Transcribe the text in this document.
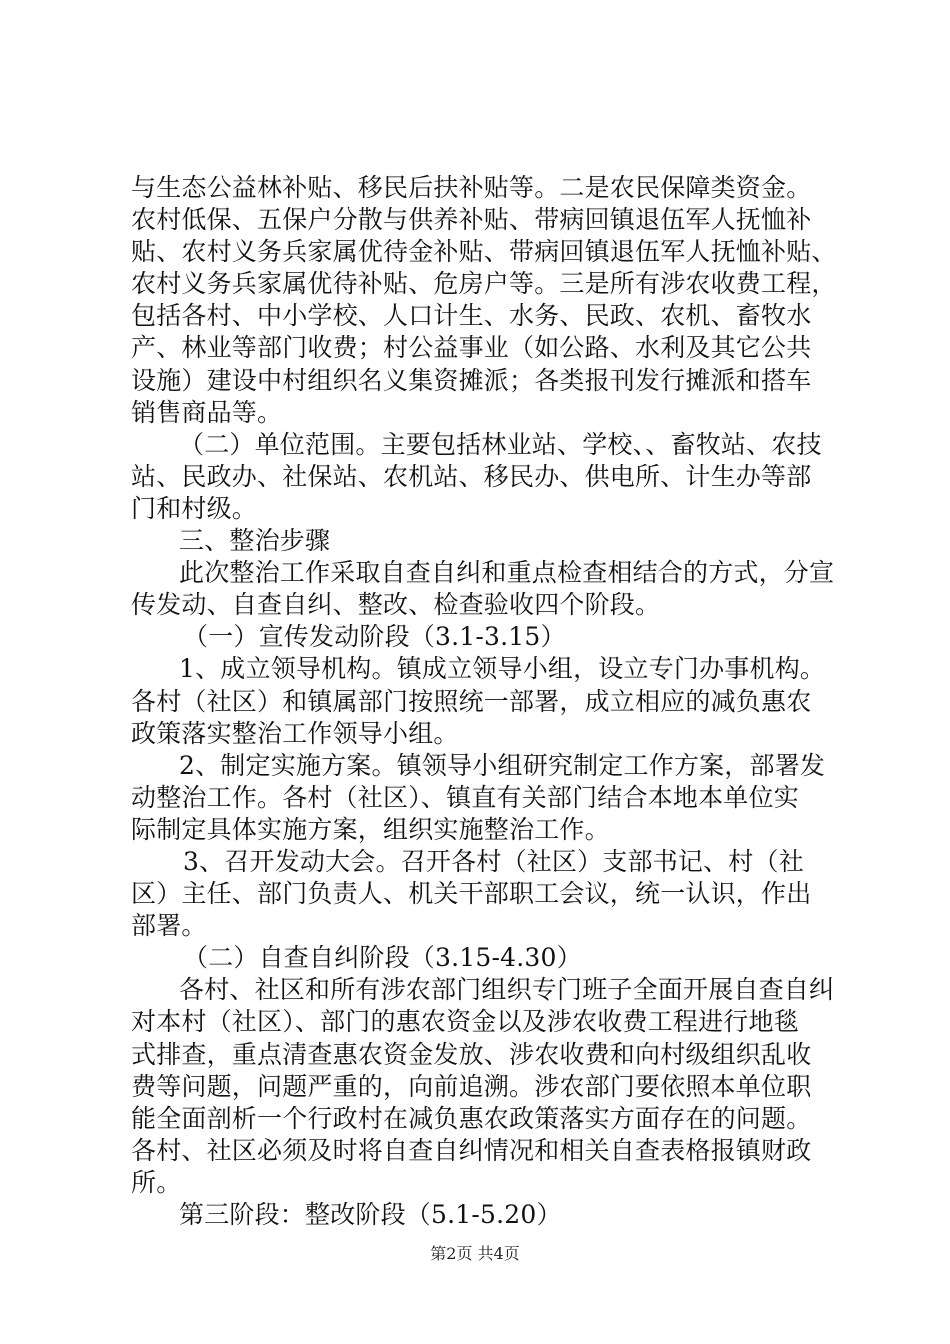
与生态公益林补贴、移民后扶补贴等。二是农民保障类资金。
农村低保、五保户分散与供养补贴、带病回镇退伍军人抚恤补
贴、农村义务兵家属优待金补贴、带病回镇退伍军人抚恤补贴、
农村义务兵家属优待补贴、危房户等。三是所有涉农收费工程，
包括各村、中小学校、人口计生、水务、民政、农机、畜牧水
产、林业等部门收费；村公益事业（如公路、水利及其它公共
设施）建设中村组织名义集资摊派；各类报刊发行摊派和搭车
销售商品等。
（二）单位范围。主要包括林业站、学校、、畜牧站、农技
站、民政办、社保站、农机站、移民办、供电所、计生办等部
门和村级。
三、整治步骤
此次整治工作采取自查自纠和重点检查相结合的方式，分宣
传发动、自查自纠、整改、检查验收四个阶段。
（一）宣传发动阶段（3.1-3.15）
1、成立领导机构。镇成立领导小组，设立专门办事机构。
各村（社区）和镇属部门按照统一部署，成立相应的减负惠农
政策落实整治工作领导小组。
2、制定实施方案。镇领导小组研究制定工作方案，部署发
动整治工作。各村（社区）、镇直有关部门结合本地本单位实
际制定具体实施方案，组织实施整治工作。
3、召开发动大会。召开各村（社区）支部书记、村（社
区）主任、部门负责人、机关干部职工会议，统一认识，作出
部署。
（二）自查自纠阶段（3.15-4.30）
各村、社区和所有涉农部门组织专门班子全面开展自查自纠
对本村（社区）、部门的惠农资金以及涉农收费工程进行地毯
式排查，重点清查惠农资金发放、涉农收费和向村级组织乱收
费等问题，问题严重的，向前追溯。涉农部门要依照本单位职
能全面剖析一个行政村在减负惠农政策落实方面存在的问题。
各村、社区必须及时将自查自纠情况和相关自查表格报镇财政
所。
第三阶段：整改阶段（5.1-5.20）
第2页 共4页
